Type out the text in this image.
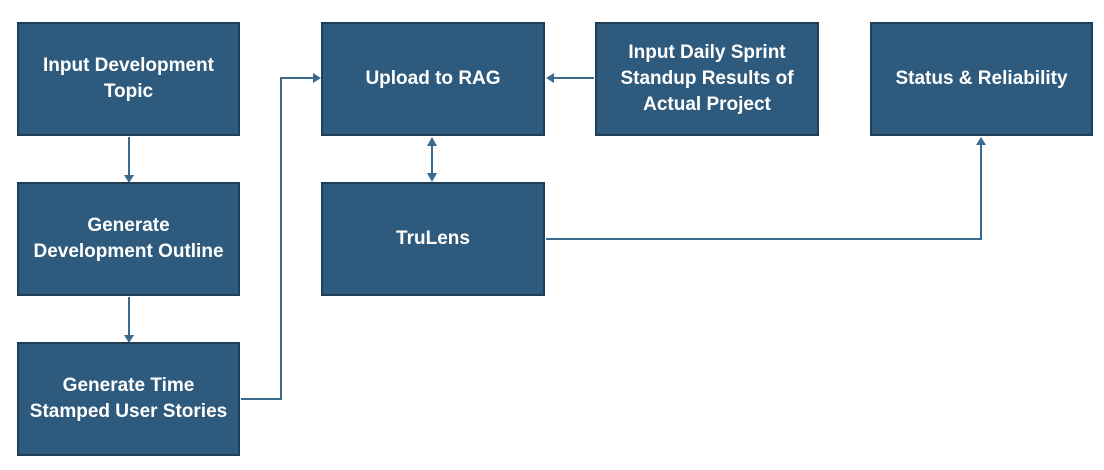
Input Development
Topic
Generate
Development Outline
Generate Time
Stamped User Stories
Upload to RAG
TruLens
Input Daily Sprint
Standup Results of
Actual Project
Status & Reliability
